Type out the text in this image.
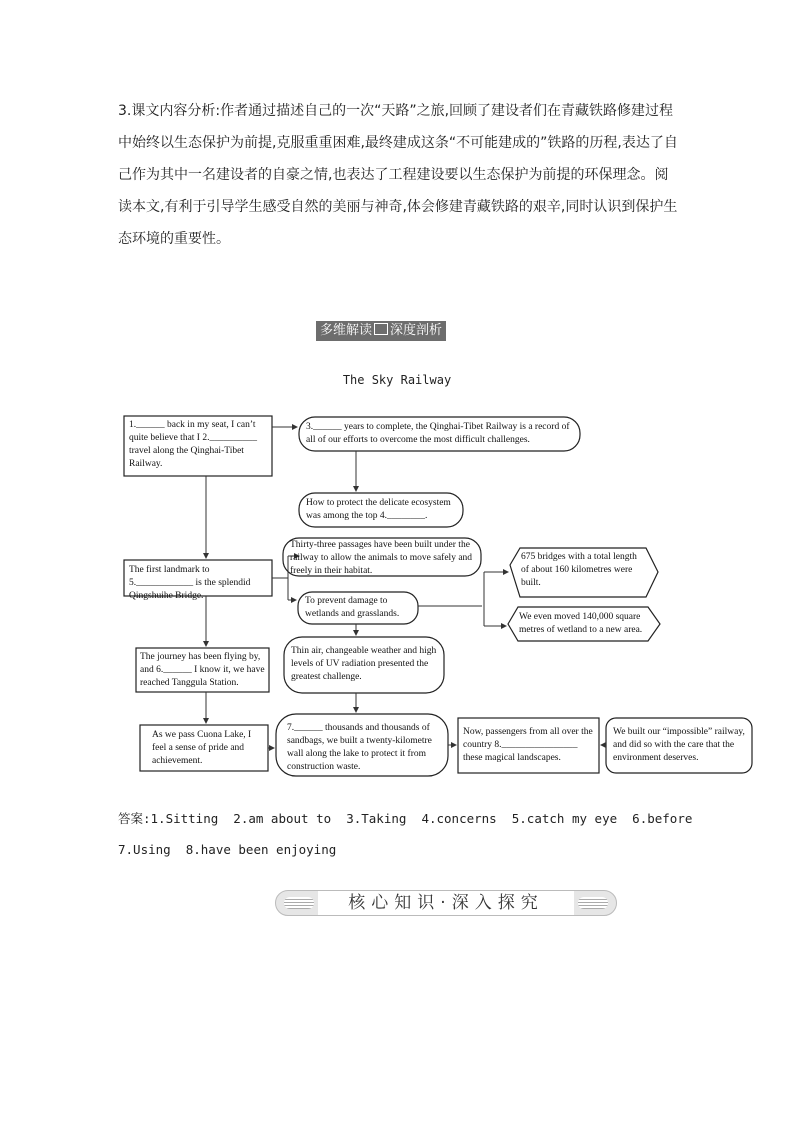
3.课文内容分析:作者通过描述自己的一次“天路”之旅,回顾了建设者们在青藏铁路修建过程中始终以生态保护为前提,克服重重困难,最终建成这条“不可能建成的”铁路的历程,表达了自己作为其中一名建设者的自豪之情,也表达了工程建设要以生态保护为前提的环保理念。阅读本文,有利于引导学生感受自然的美丽与神奇,体会修建青藏铁路的艰辛,同时认识到保护生态环境的重要性。
多维解读 深度剖析
The Sky Railway
1.______ back in my seat, I can’t quite believe that I 2.__________ travel along the Qinghai-Tibet Railway.
3.______ years to complete, the Qinghai-Tibet Railway is a record of all of our efforts to overcome the most difficult challenges.
How to protect the delicate ecosystem was among the top 4.________.
The first landmark to 5.____________ is the splendid Qingshuihe Bridge.
Thirty-three passages have been built under the railway to allow the animals to move safely and freely in their habitat.
To prevent damage to wetlands and grasslands.
675 bridges with a total length of about 160 kilometres were built.
We even moved 140,000 square metres of wetland to a new area.
The journey has been flying by, and 6.______ I know it, we have reached Tanggula Station.
Thin air, changeable weather and high levels of UV radiation presented the greatest challenge.
As we pass Cuona Lake, I feel a sense of pride and achievement.
7.______ thousands and thousands of sandbags, we built a twenty-kilometre wall along the lake to protect it from construction waste.
Now, passengers from all over the country 8.________________ these magical landscapes.
We built our “impossible” railway, and did so with the care that the environment deserves.
答案:1.Sitting  2.am about to  3.Taking  4.concerns  5.catch my eye  6.before
7.Using  8.have been enjoying
核心知识·深入探究
